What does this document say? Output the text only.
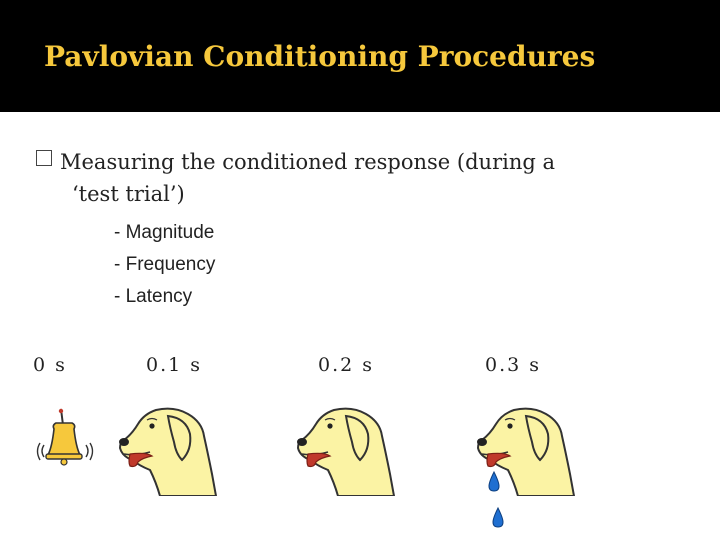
Pavlovian Conditioning Procedures
Measuring the conditioned response (during a
‘test trial’)
- Magnitude
- Frequency
- Latency
0 s	0.1 s	0.2 s	0.3 s
